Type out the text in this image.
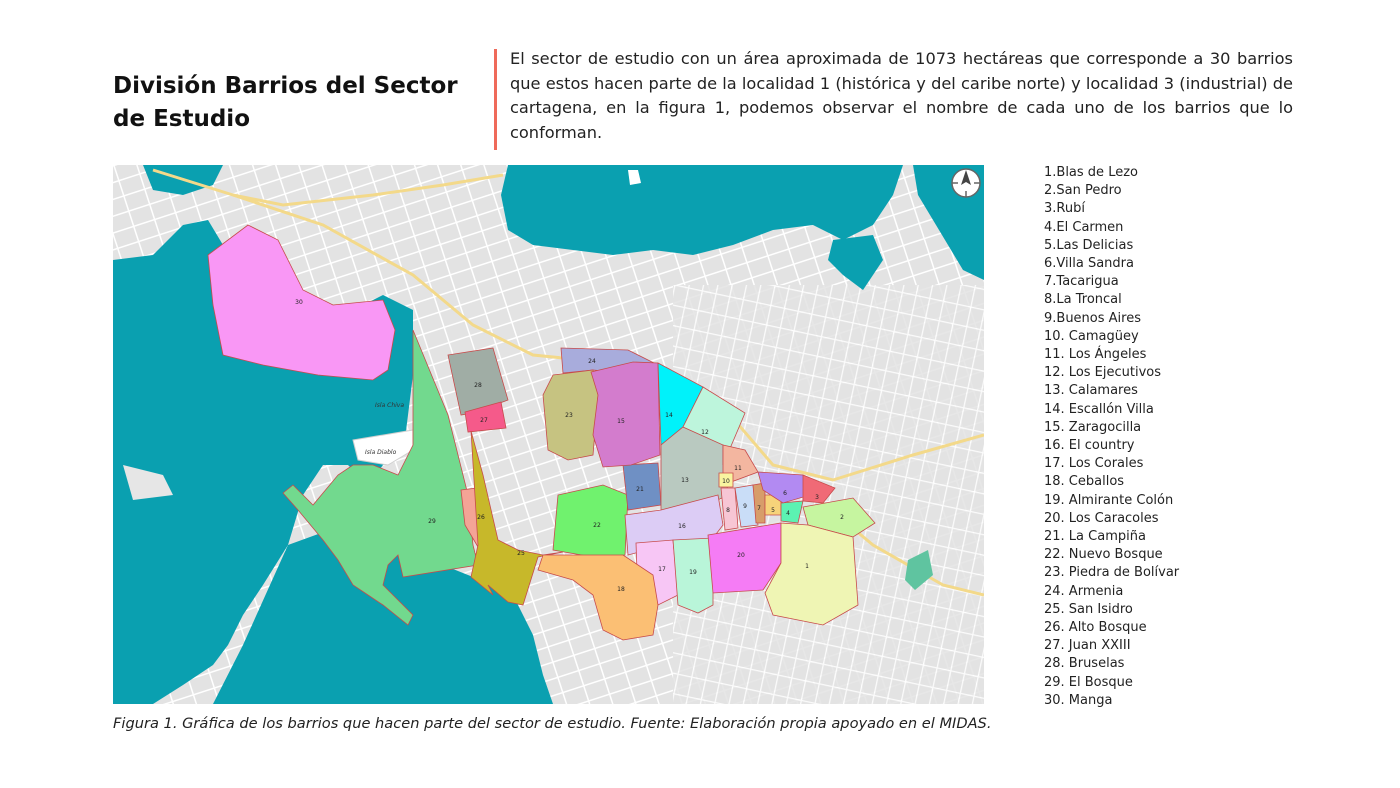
División Barrios del Sector de Estudio
El sector de estudio con un área aproximada de 1073 hectáreas que corresponde a 30 barrios que estos hacen parte de la localidad 1 (histórica y del caribe norte) y localidad 3 (industrial) de cartagena, en la figura 1, podemos observar el nombre de cada uno de los barrios que lo conforman.
30
29
28
27
26
25
24
23
22
21
15
14
13
12
11
10
8
9 7 5 4
6
3
2
16
17	19
20
1
18
Isla Chiva
Isla Diablo
Figura 1. Gráfica de los barrios que hacen parte del sector de estudio. Fuente: Elaboración propia apoyado en el MIDAS.
1.Blas de Lezo
2.San Pedro
3.Rubí
4.El Carmen
5.Las Delicias
6.Villa Sandra
7.Tacarigua
8.La Troncal
9.Buenos Aires
10. Camagüey
11. Los Ángeles
12. Los Ejecutivos
13. Calamares
14. Escallón Villa
15. Zaragocilla
16. El country
17. Los Corales
18. Ceballos
19. Almirante Colón
20. Los Caracoles
21. La Campiña
22. Nuevo Bosque
23. Piedra de Bolívar
24. Armenia
25. San Isidro
26. Alto Bosque
27. Juan XXIII
28. Bruselas
29. El Bosque
30. Manga
